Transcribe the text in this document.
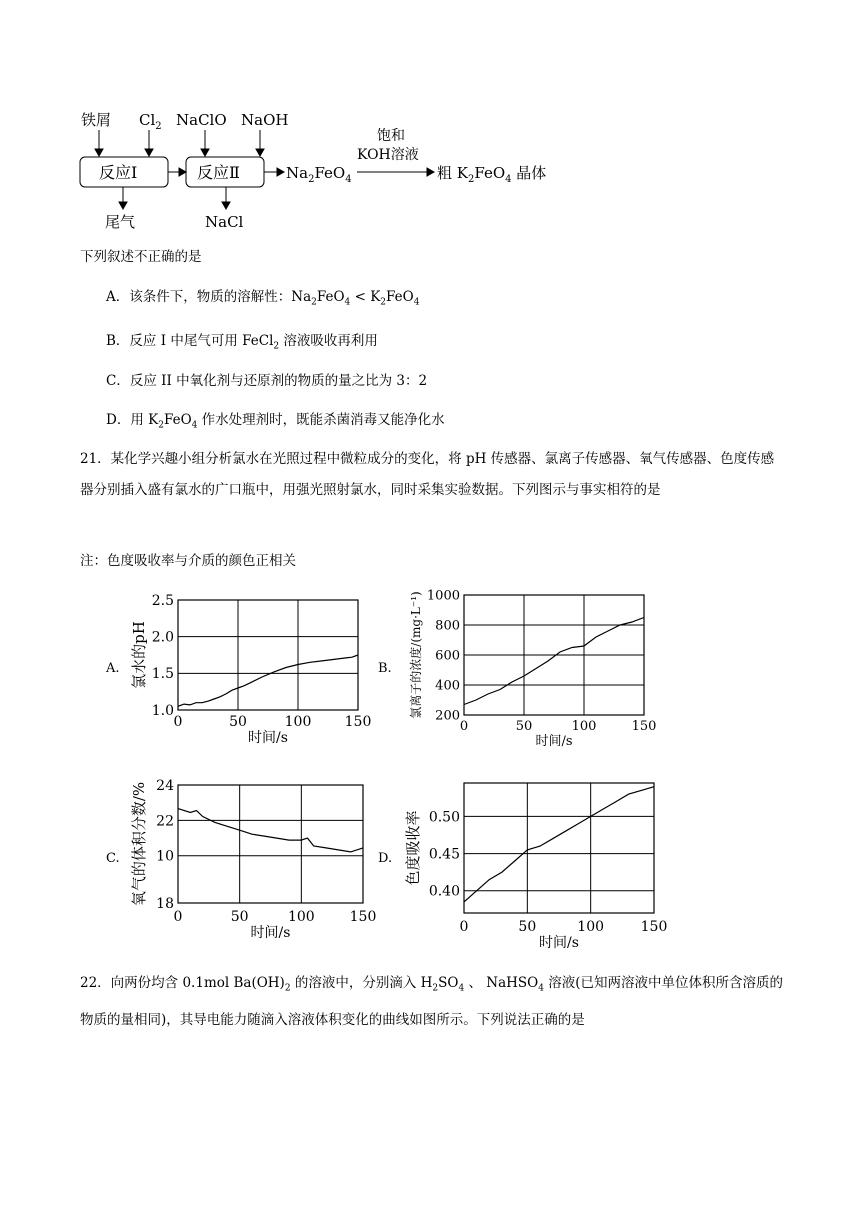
铁屑 $Cl_2$ NaClO NaOH
反应Ⅰ	反应Ⅱ	$Na_2FeO_4$
饱和
KOH溶液
粗 $K_2FeO_4$ 晶体
尾气	NaCl
下列叙述不正确的是
A．该条件下，物质的溶解性：$Na_2FeO_4 < K_2FeO_4$
B．反应 I 中尾气可用 FeCl$_2$ 溶液吸收再利用
C．反应 II 中氧化剂与还原剂的物质的量之比为 3：2
D．用 $K_2FeO_4$ 作水处理剂时，既能杀菌消毒又能净化水
21．某化学兴趣小组分析氯水在光照过程中微粒成分的变化，将 pH 传感器、氯离子传感器、氧气传感器、色度传感器分别插入盛有氯水的广口瓶中，用强光照射氯水，同时采集实验数据。下列图示与事实相符的是
注：色度吸收率与介质的颜色正相关
A.	B.
C.	D.
0	50	100 150
1.0
1.5
2.0
2.5
时间/s
氯水的pH
0	50	100	150
200
400
600
800
1000
时间/s
氯离子的浓度/(mg·L⁻¹)
0	50	100 150
18
10
22
24
时间/s
氧气的体积分数/%
0	50	100	150
0.40
0.45
0.50
时间/s
色度吸收率
22．向两份均含 0.1mol $Ba(OH)_2$ 的溶液中，分别滴入 $H_2SO_4$ 、 NaHSO$_4$ 溶液(已知两溶液中单位体积所含溶质的物质的量相同)，其导电能力随滴入溶液体积变化的曲线如图所示。下列说法正确的是
